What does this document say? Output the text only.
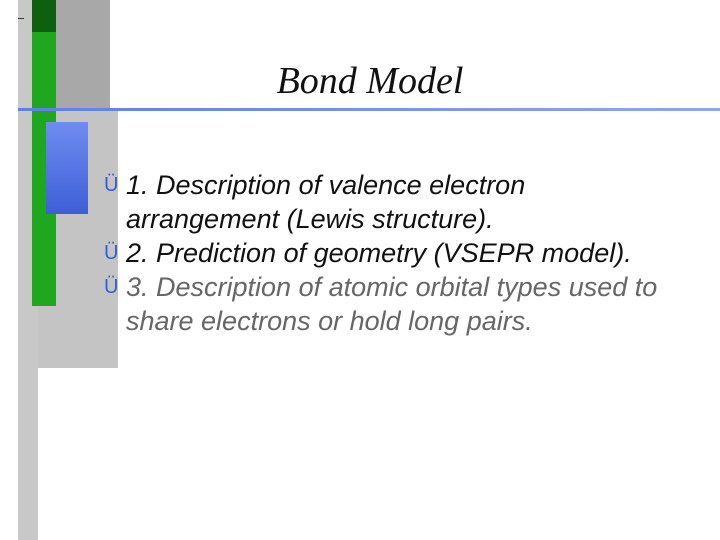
Bond Model
Ü 1. Description of valence electron arrangement (Lewis structure).
Ü 2. Prediction of geometry (VSEPR model).
Ü 3. Description of atomic orbital types used to share electrons or hold long pairs.
